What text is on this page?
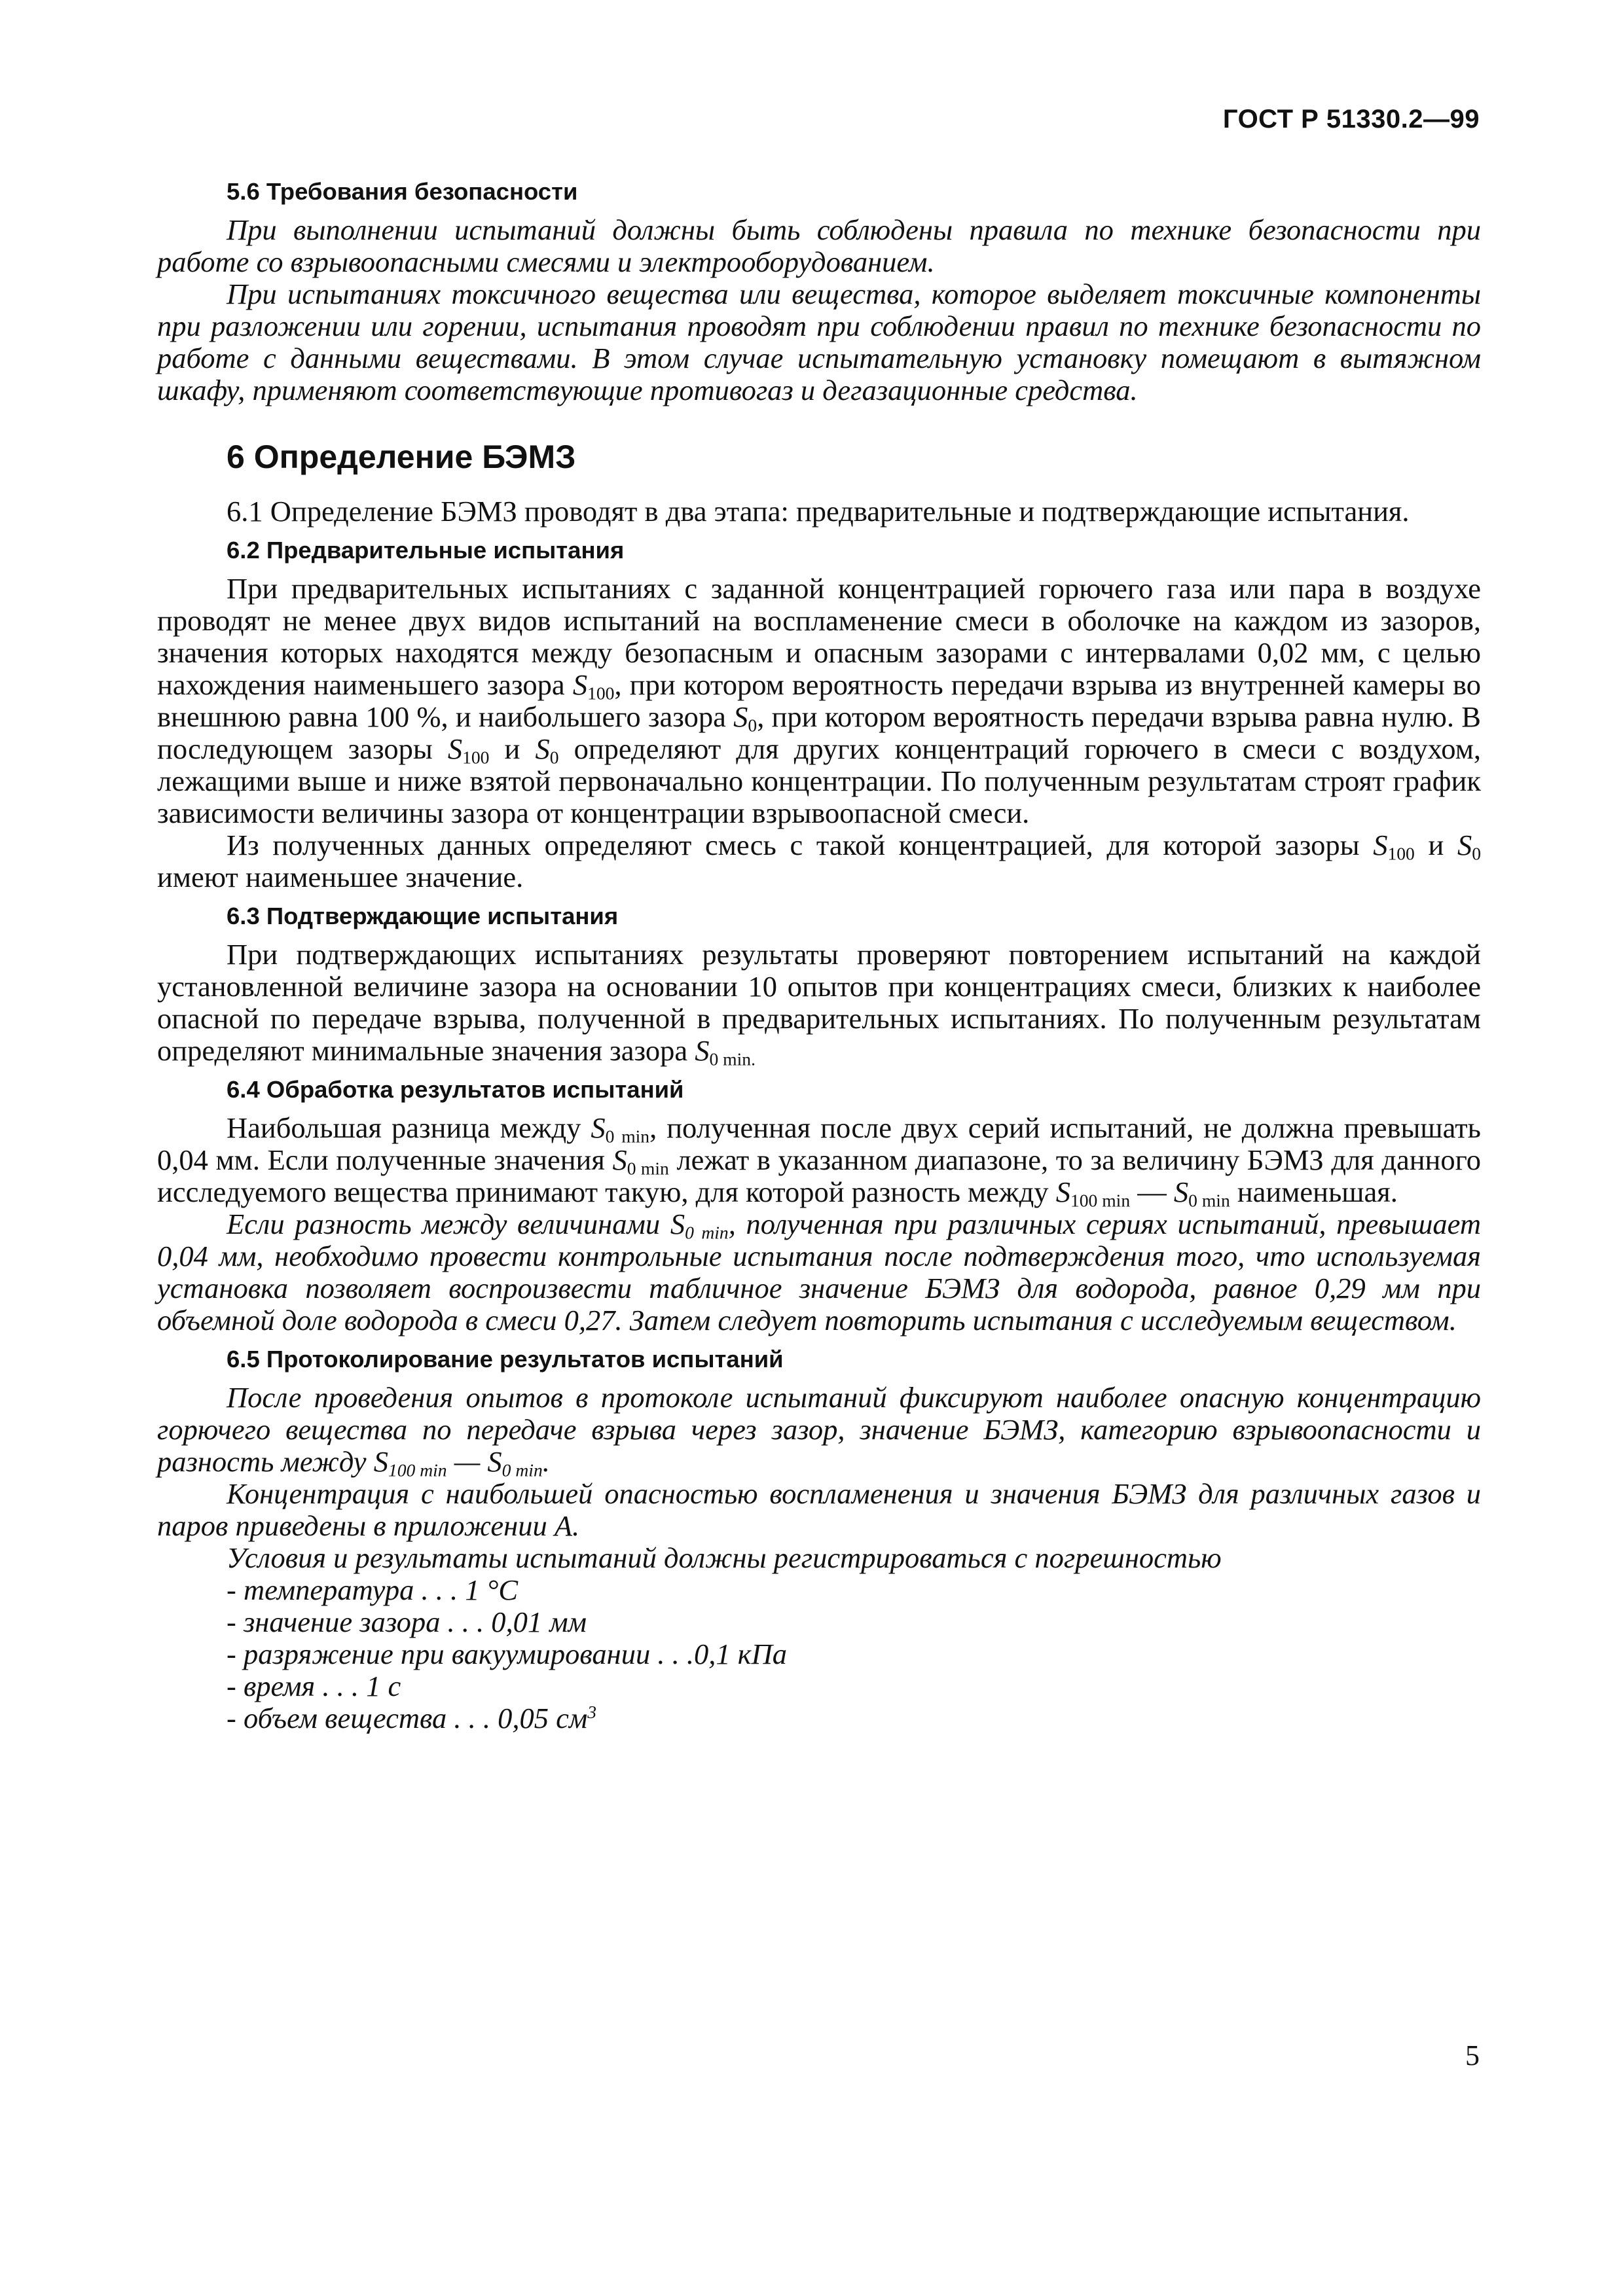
ГОСТ Р 51330.2—99
5.6 Требования безопасности

При выполнении испытаний должны быть соблюдены правила по технике безопасности при работе со взрывоопасными смесями и электрооборудованием.

При испытаниях токсичного вещества или вещества, которое выделяет токсичные компоненты при разложении или горении, испытания проводят при соблюдении правил по технике безопасности по работе с данными веществами. В этом случае испытательную установку помещают в вытяжном шкафу, применяют соответствующие противогаз и дегазационные средства.

6 Определение БЭМЗ

6.1 Определение БЭМЗ проводят в два этапа: предварительные и подтверждающие испытания.

6.2 Предварительные испытания

При предварительных испытаниях с заданной концентрацией горючего газа или пара в воздухе проводят не менее двух видов испытаний на воспламенение смеси в оболочке на каждом из зазоров, значения которых находятся между безопасным и опасным зазорами с интервалами 0,02 мм, с целью нахождения наименьшего зазора $S_{100}$, при котором вероятность передачи взрыва из внутренней камеры во внешнюю равна 100 %, и наибольшего зазора $S_0$, при котором вероятность передачи взрыва равна нулю. В последующем зазоры $S_{100}$ и $S_0$ определяют для других концентраций горючего в смеси с воздухом, лежащими выше и ниже взятой первоначально концентрации. По полученным результатам строят график зависимости величины зазора от концентрации взрывоопасной смеси.

Из полученных данных определяют смесь с такой концентрацией, для которой зазоры $S_{100}$ и $S_0$ имеют наименьшее значение.

6.3 Подтверждающие испытания

При подтверждающих испытаниях результаты проверяют повторением испытаний на каждой установленной величине зазора на основании 10 опытов при концентрациях смеси, близких к наиболее опасной по передаче взрыва, полученной в предварительных испытаниях. По полученным результатам определяют минимальные значения зазора $S_{0 min.}$

6.4 Обработка результатов испытаний

Наибольшая разница между $S_{0 min}$, полученная после двух серий испытаний, не должна превышать 0,04 мм. Если полученные значения $S_{0 min}$ лежат в указанном диапазоне, то за величину БЭМЗ для данного исследуемого вещества принимают такую, для которой разность между $S_{100 min}$ — $S_{0 min}$ наименьшая.

Если разность между величинами $S_{0 min}$, полученная при различных сериях испытаний, превышает 0,04 мм, необходимо провести контрольные испытания после подтверждения того, что используемая установка позволяет воспроизвести табличное значение БЭМЗ для водорода, равное 0,29 мм при объемной доле водорода в смеси 0,27. Затем следует повторить испытания с исследуемым веществом.

6.5 Протоколирование результатов испытаний

После проведения опытов в протоколе испытаний фиксируют наиболее опасную концентрацию горючего вещества по передаче взрыва через зазор, значение БЭМЗ, категорию взрывоопасности и разность между $S_{100 min}$ — $S_{0 min}$.

Концентрация с наибольшей опасностью воспламенения и значения БЭМЗ для различных газов и паров приведены в приложении А.

Условия и результаты испытаний должны регистрироваться с погрешностью

- температура . . . 1 °С
- значение зазора . . . 0,01 мм
- разряжение при вакуумировании . . .0,1 кПа
- время . . . 1 с
- объем вещества . . . 0,05 $см^3$
5
